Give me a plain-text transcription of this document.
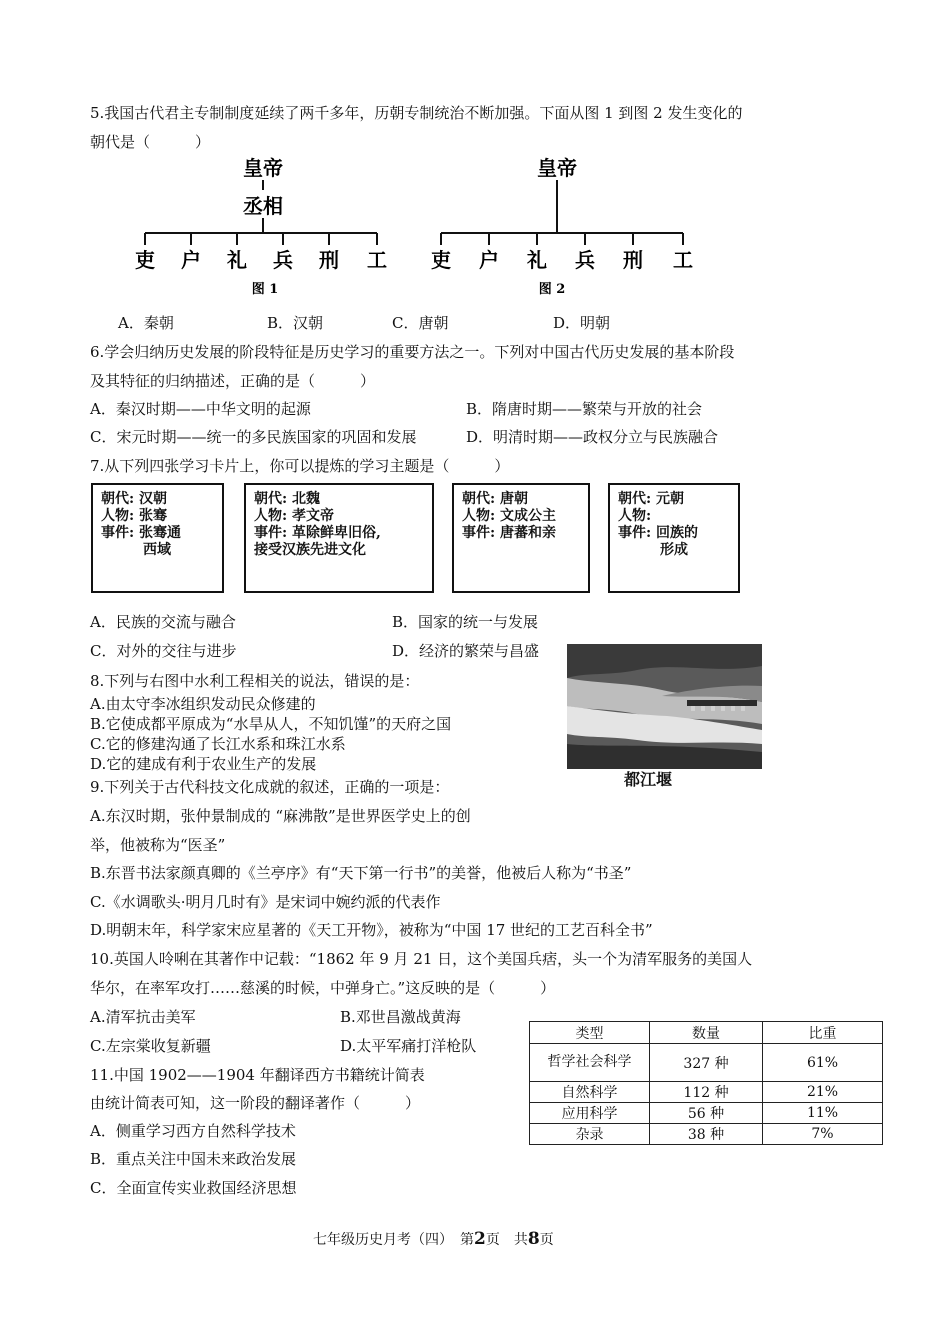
5.我国古代君主专制制度延续了两千多年，历朝专制统治不断加强。下面从图 1 到图 2 发生变化的
朝代是（　　　）
皇帝
丞相
吏 户 礼 兵 刑 工
图 1
皇帝
吏 户 礼 兵 刑 工
图 2
A．秦朝	B．汉朝	C．唐朝	D．明朝
6.学会归纳历史发展的阶段特征是历史学习的重要方法之一。下列对中国古代历史发展的基本阶段
及其特征的归纳描述，正确的是（　　　）
A．秦汉时期——中华文明的起源	B．隋唐时期——繁荣与开放的社会
C．宋元时期——统一的多民族国家的巩固和发展	D．明清时期——政权分立与民族融合
7.从下列四张学习卡片上，你可以提炼的学习主题是（　　　）
朝代: 汉朝
人物: 张骞
事件: 张骞通
　　　西域
朝代: 北魏
人物: 孝文帝
事件: 革除鲜卑旧俗,
接受汉族先进文化
朝代: 唐朝
人物: 文成公主
事件: 唐蕃和亲
朝代: 元朝
人物:
事件: 回族的
　　　形成
A．民族的交流与融合	B．国家的统一与发展
C．对外的交往与进步	D．经济的繁荣与昌盛
都江堰
8.下列与右图中水利工程相关的说法，错误的是：
A.由太守李冰组织发动民众修建的
B.它使成都平原成为“水旱从人，不知饥馑”的天府之国
C.它的修建沟通了长江水系和珠江水系
D.它的建成有利于农业生产的发展
9.下列关于古代科技文化成就的叙述，正确的一项是：
A.东汉时期，张仲景制成的 “麻沸散”是世界医学史上的创
举，他被称为“医圣”
B.东晋书法家颜真卿的《兰亭序》有“天下第一行书”的美誉，他被后人称为“书圣”
C.《水调歌头·明月几时有》是宋词中婉约派的代表作
D.明朝末年，科学家宋应星著的《天工开物》，被称为“中国 17 世纪的工艺百科全书”
10.英国人呤唎在其著作中记载：“1862 年 9 月 21 日，这个美国兵痞，头一个为清军服务的美国人
华尔，在率军攻打……慈溪的时候，中弹身亡。”这反映的是（　　　）
A.清军抗击美军	B.邓世昌激战黄海
C.左宗棠收复新疆	D.太平军痛打洋枪队
类型	数量	比重
哲学社会科学	327 种	61%
自然科学	112 种	21%
应用科学	56 种	11%
杂录	38 种	7%
11.中国 1902——1904 年翻译西方书籍统计简表
由统计简表可知，这一阶段的翻译著作（　　　）
A．侧重学习西方自然科学技术
B．重点关注中国未来政治发展
C．全面宣传实业救国经济思想
七年级历史月考（四）　第2页　共8页
